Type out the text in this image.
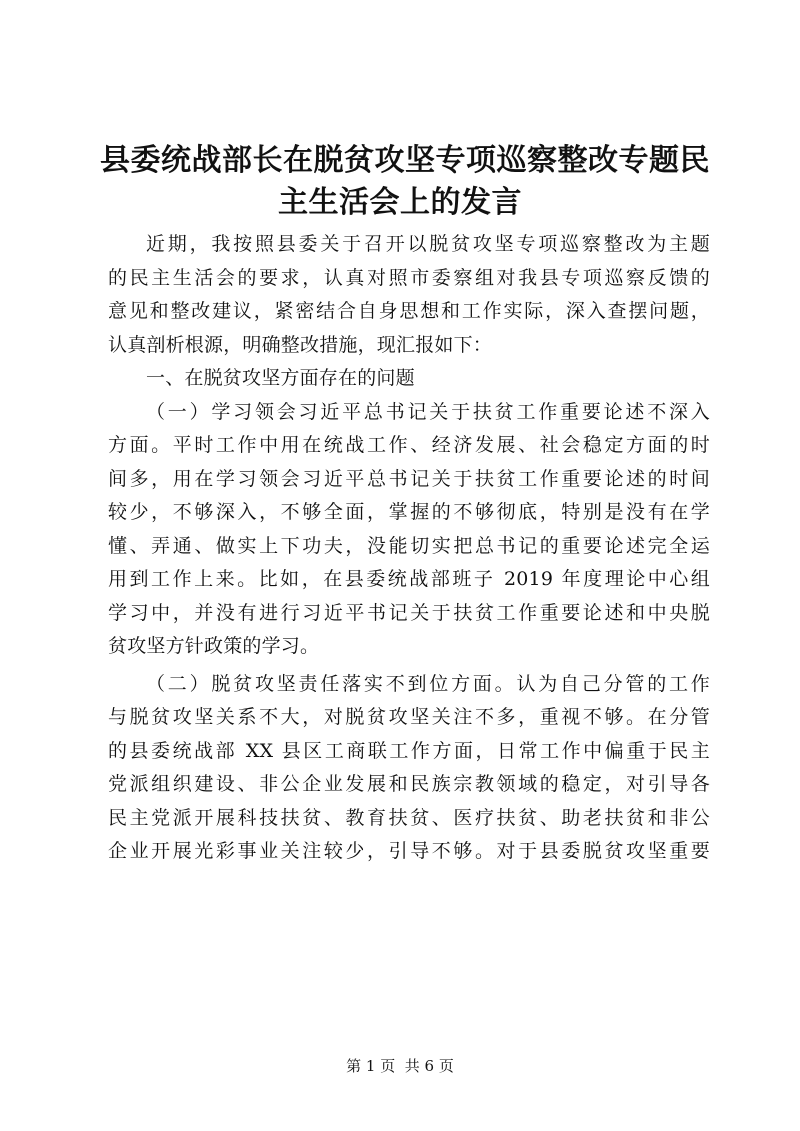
县委统战部长在脱贫攻坚专项巡察整改专题民
主生活会上的发言
近期，我按照县委关于召开以脱贫攻坚专项巡察整改为主题
的民主生活会的要求，认真对照市委察组对我县专项巡察反馈的
意见和整改建议，紧密结合自身思想和工作实际，深入查摆问题，
认真剖析根源，明确整改措施，现汇报如下：
一、在脱贫攻坚方面存在的问题
（一）学习领会习近平总书记关于扶贫工作重要论述不深入
方面。平时工作中用在统战工作、经济发展、社会稳定方面的时
间多，用在学习领会习近平总书记关于扶贫工作重要论述的时间
较少，不够深入，不够全面，掌握的不够彻底，特别是没有在学
懂、弄通、做实上下功夫，没能切实把总书记的重要论述完全运
用到工作上来。比如，在县委统战部班子 2019 年度理论中心组
学习中，并没有进行习近平书记关于扶贫工作重要论述和中央脱
贫攻坚方针政策的学习。
（二）脱贫攻坚责任落实不到位方面。认为自己分管的工作
与脱贫攻坚关系不大，对脱贫攻坚关注不多，重视不够。在分管
的县委统战部 XX 县区工商联工作方面，日常工作中偏重于民主
党派组织建设、非公企业发展和民族宗教领域的稳定，对引导各
民主党派开展科技扶贫、教育扶贫、医疗扶贫、助老扶贫和非公
企业开展光彩事业关注较少，引导不够。对于县委脱贫攻坚重要
第 1 页  共 6 页
